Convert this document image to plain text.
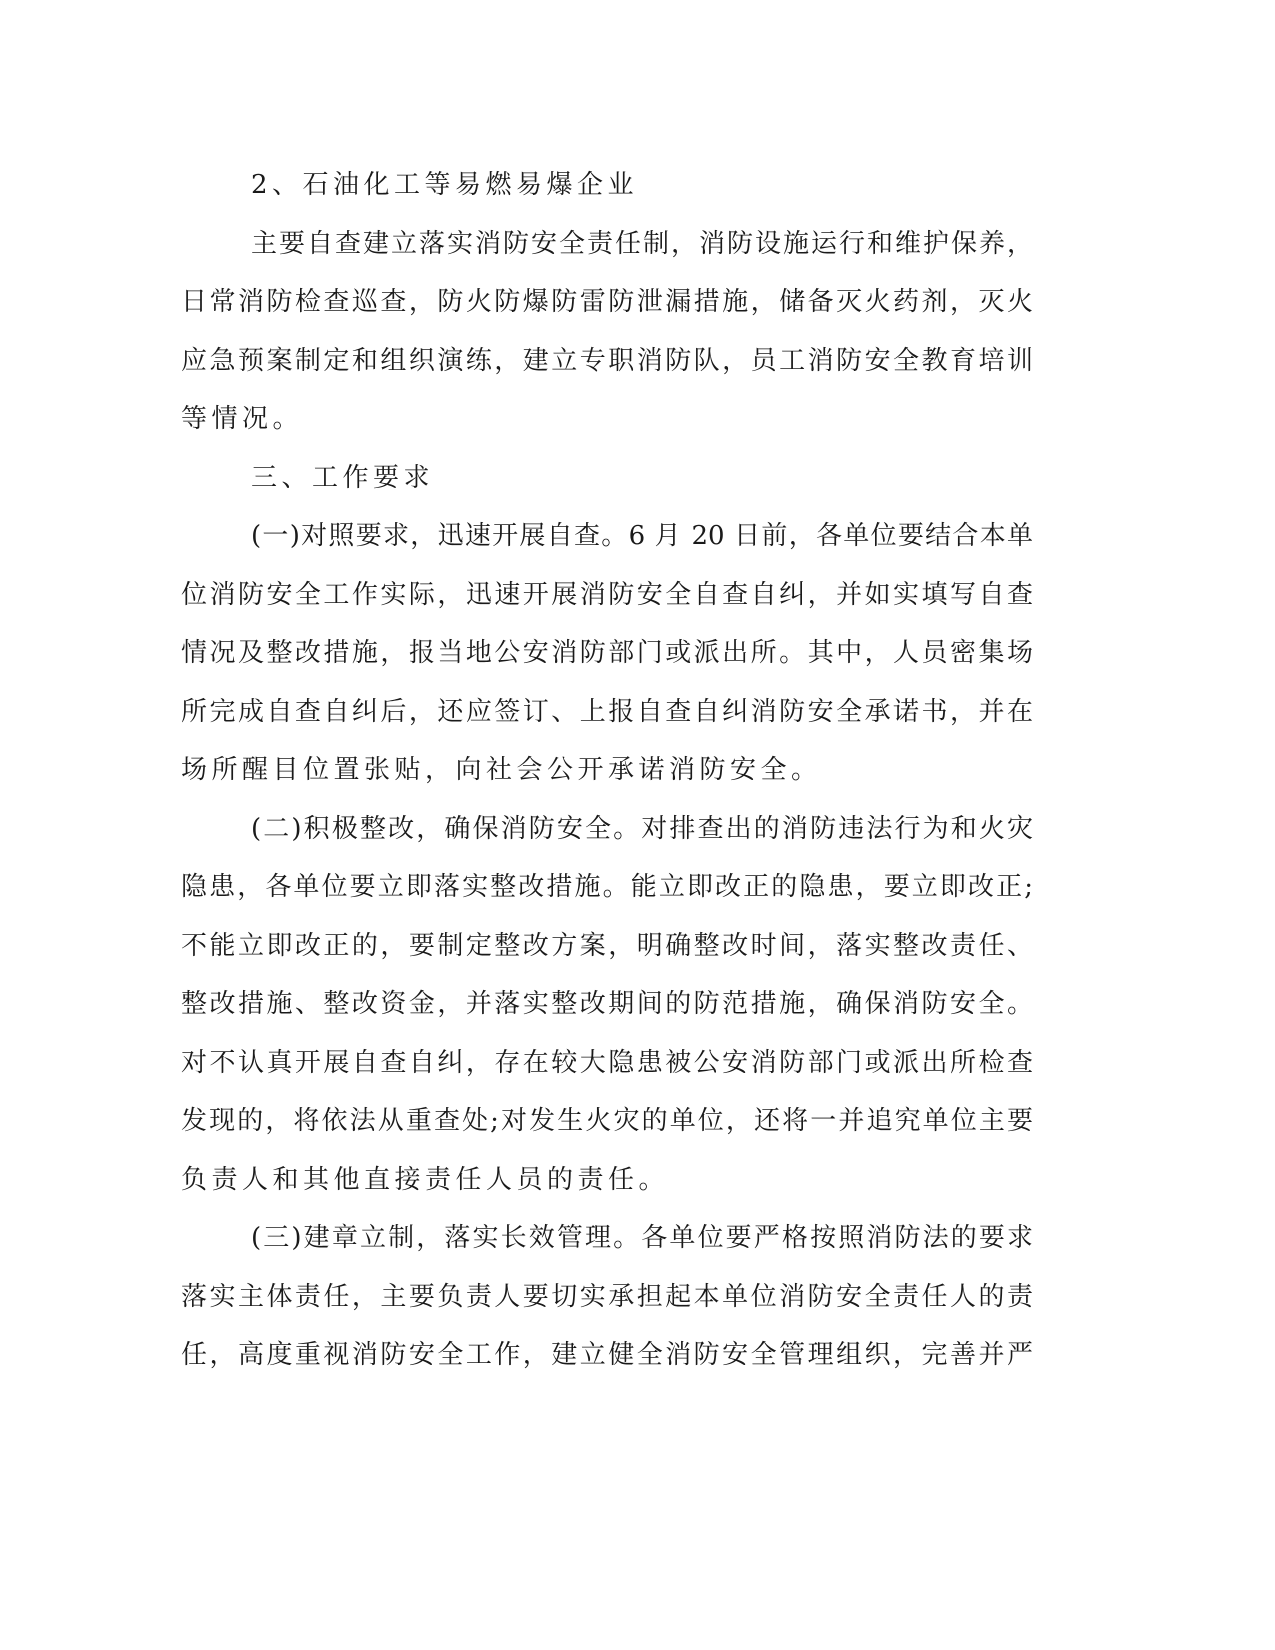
2、石油化工等易燃易爆企业
主要自查建立落实消防安全责任制，消防设施运行和维护保养，
日常消防检查巡查，防火防爆防雷防泄漏措施，储备灭火药剂，灭火
应急预案制定和组织演练，建立专职消防队，员工消防安全教育培训
等情况。
三、工作要求
(一)对照要求，迅速开展自查。6 月 20 日前，各单位要结合本单
位消防安全工作实际，迅速开展消防安全自查自纠，并如实填写自查
情况及整改措施，报当地公安消防部门或派出所。其中，人员密集场
所完成自查自纠后，还应签订、上报自查自纠消防安全承诺书，并在
场所醒目位置张贴，向社会公开承诺消防安全。
(二)积极整改，确保消防安全。对排查出的消防违法行为和火灾
隐患，各单位要立即落实整改措施。能立即改正的隐患，要立即改正;
不能立即改正的，要制定整改方案，明确整改时间，落实整改责任、
整改措施、整改资金，并落实整改期间的防范措施，确保消防安全。
对不认真开展自查自纠，存在较大隐患被公安消防部门或派出所检查
发现的，将依法从重查处;对发生火灾的单位，还将一并追究单位主要
负责人和其他直接责任人员的责任。
(三)建章立制，落实长效管理。各单位要严格按照消防法的要求
落实主体责任，主要负责人要切实承担起本单位消防安全责任人的责
任，高度重视消防安全工作，建立健全消防安全管理组织，完善并严
